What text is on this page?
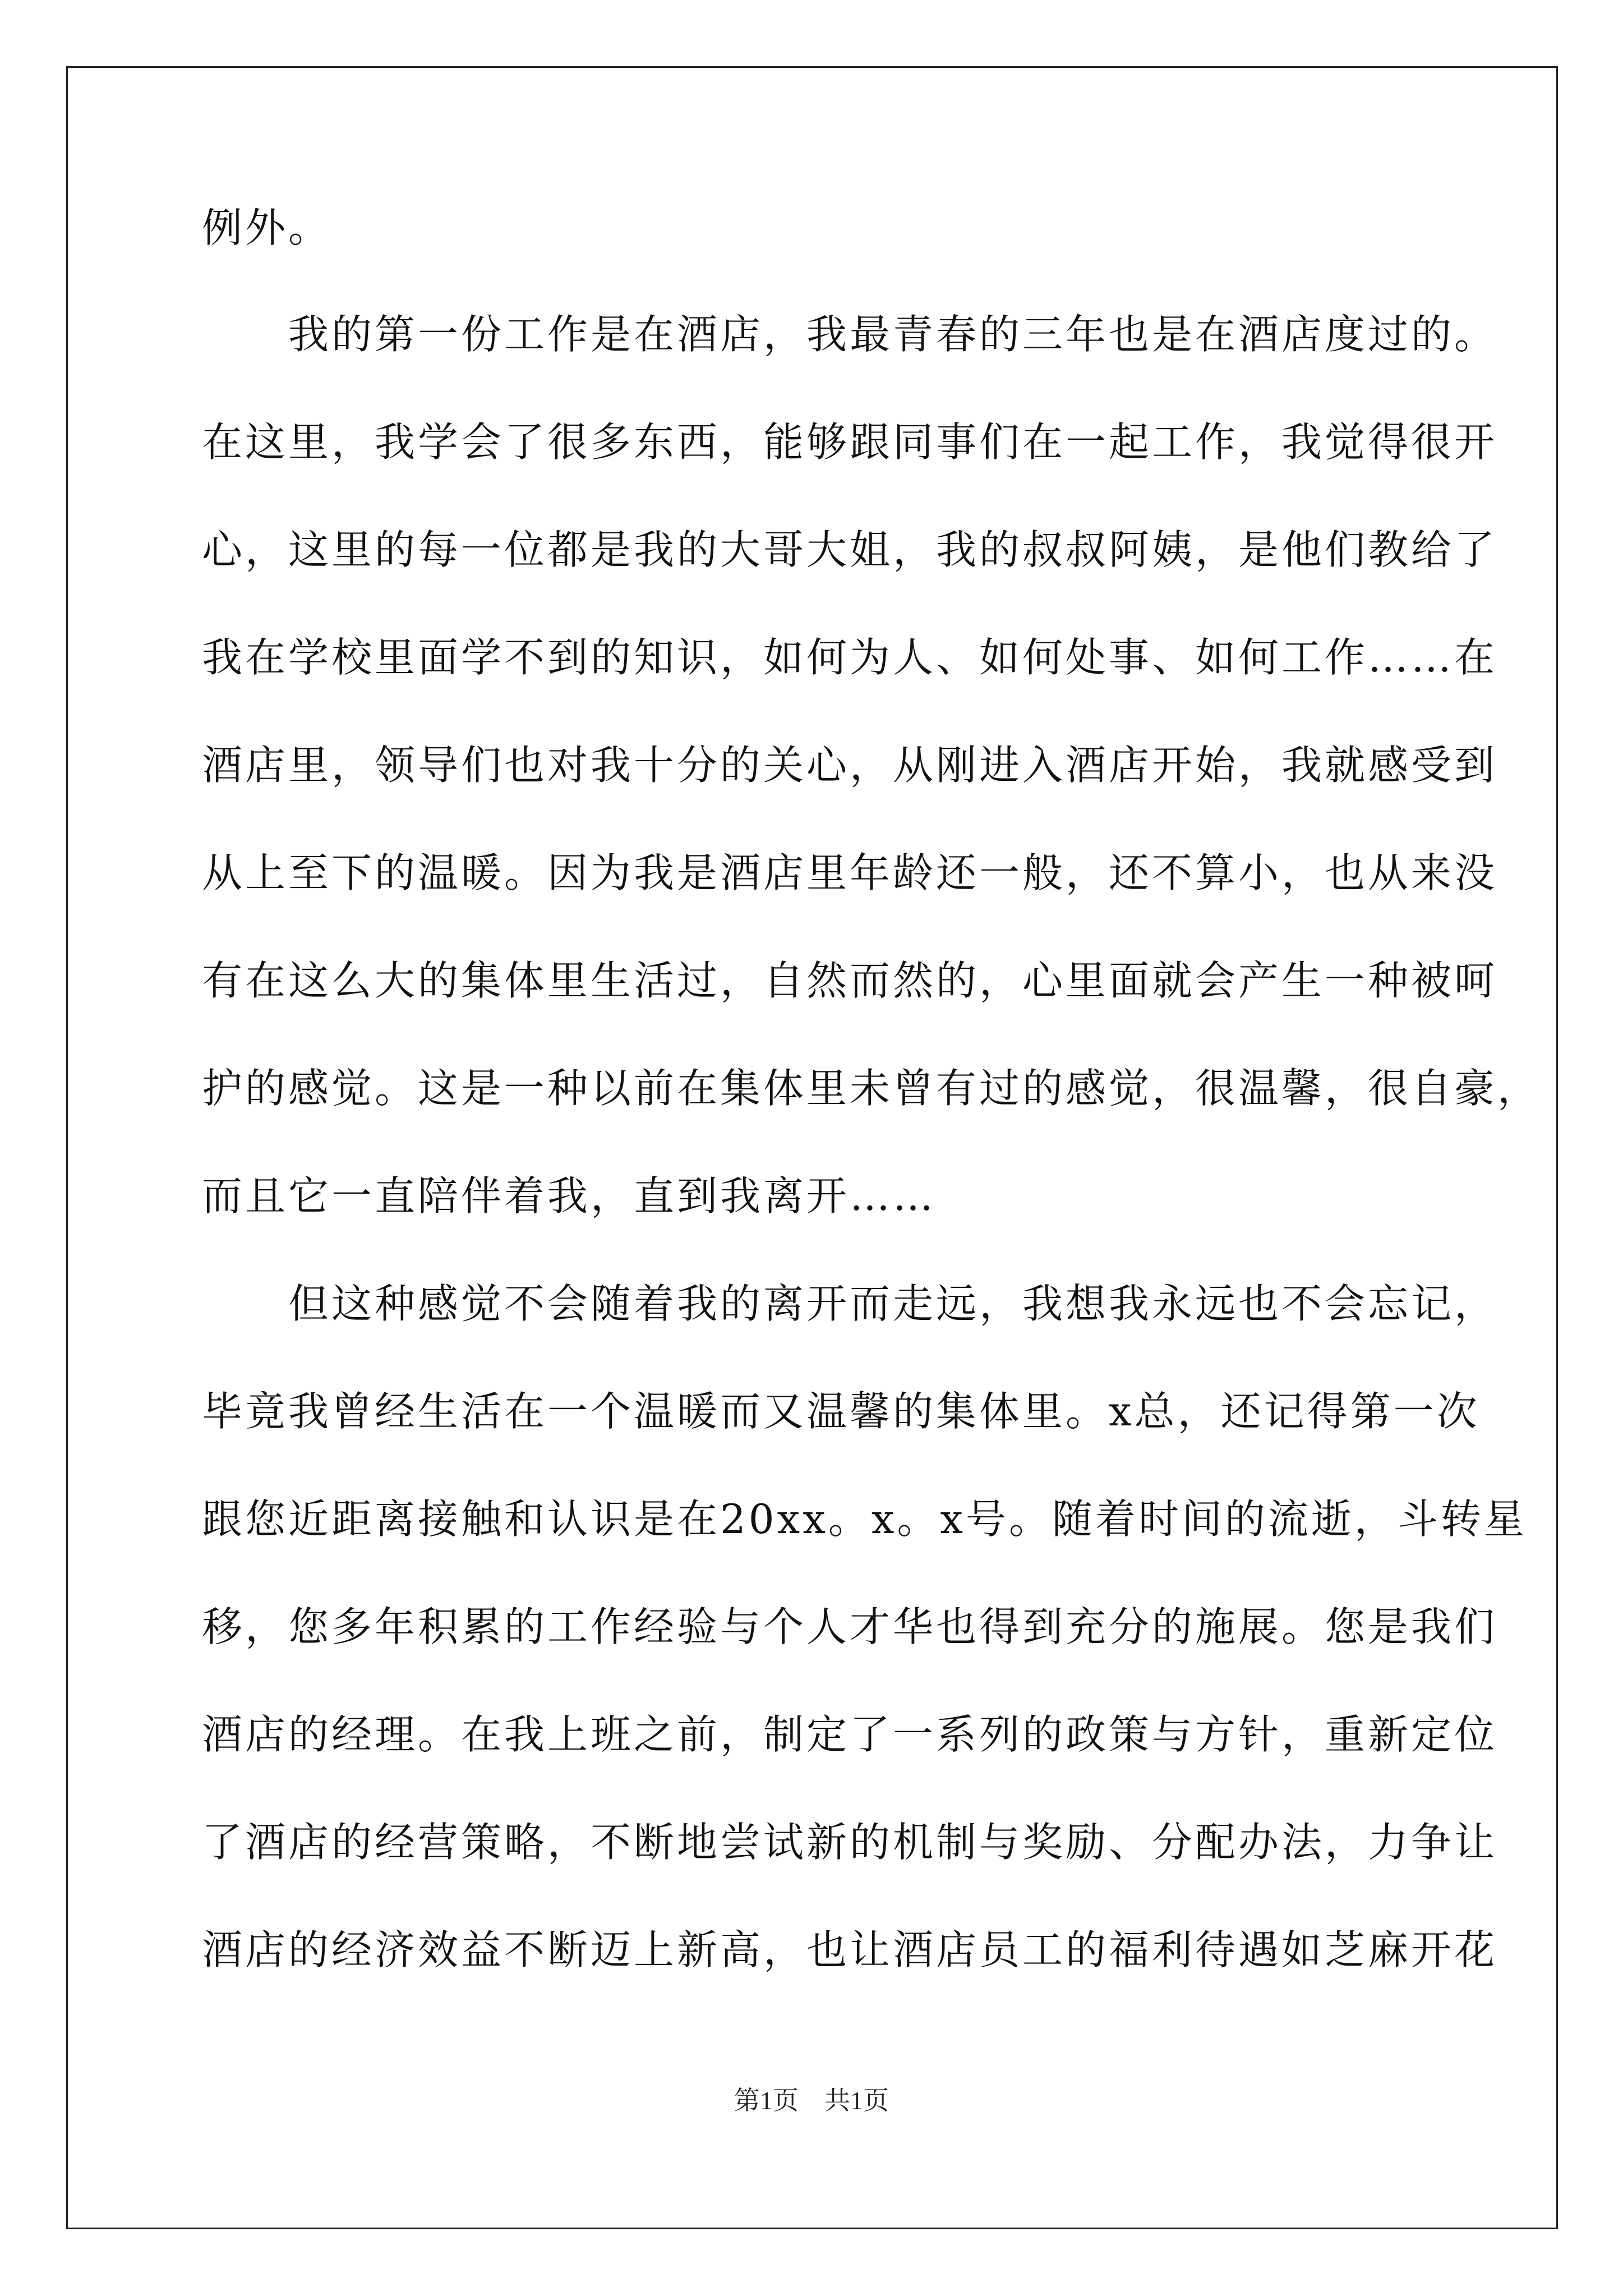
例外。
　　我的第一份工作是在酒店，我最青春的三年也是在酒店度过的。
在这里，我学会了很多东西，能够跟同事们在一起工作，我觉得很开
心，这里的每一位都是我的大哥大姐，我的叔叔阿姨，是他们教给了
我在学校里面学不到的知识，如何为人、如何处事、如何工作……在
酒店里，领导们也对我十分的关心，从刚进入酒店开始，我就感受到
从上至下的温暖。因为我是酒店里年龄还一般，还不算小，也从来没
有在这么大的集体里生活过，自然而然的，心里面就会产生一种被呵
护的感觉。这是一种以前在集体里未曾有过的感觉，很温馨，很自豪，
而且它一直陪伴着我，直到我离开……
　　但这种感觉不会随着我的离开而走远，我想我永远也不会忘记，
毕竟我曾经生活在一个温暖而又温馨的集体里。x总，还记得第一次
跟您近距离接触和认识是在20xx。x。x号。随着时间的流逝，斗转星
移，您多年积累的工作经验与个人才华也得到充分的施展。您是我们
酒店的经理。在我上班之前，制定了一系列的政策与方针，重新定位
了酒店的经营策略，不断地尝试新的机制与奖励、分配办法，力争让
酒店的经济效益不断迈上新高，也让酒店员工的福利待遇如芝麻开花
第1页　共1页
